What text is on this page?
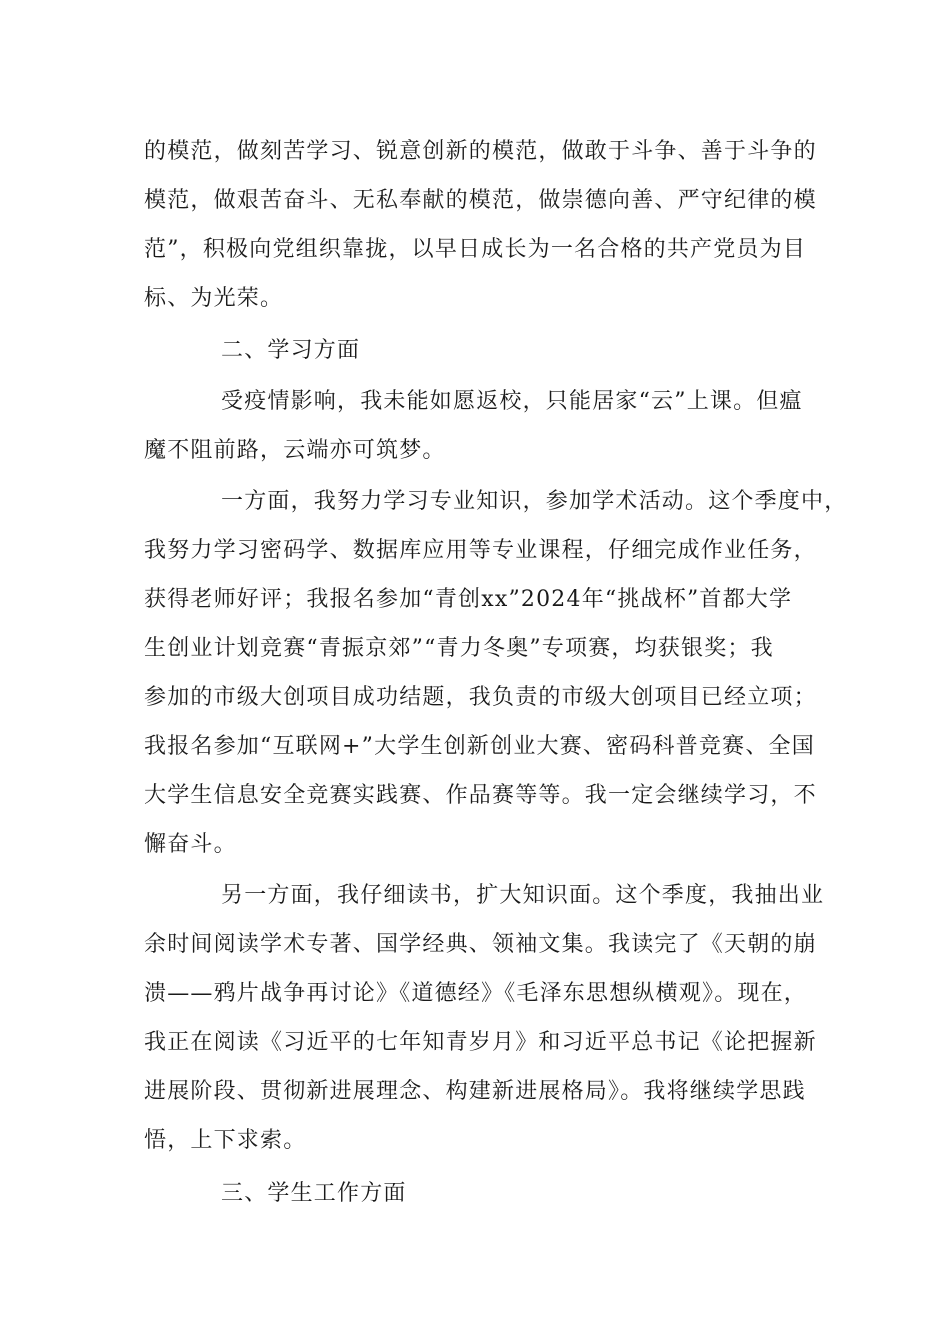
的模范，做刻苦学习、锐意创新的模范，做敢于斗争、善于斗争的
模范，做艰苦奋斗、无私奉献的模范，做崇德向善、严守纪律的模
范”，积极向党组织靠拢，以早日成长为一名合格的共产党员为目
标、为光荣。
二、学习方面
受疫情影响，我未能如愿返校，只能居家“云”上课。但瘟
魔不阻前路，云端亦可筑梦。
一方面，我努力学习专业知识，参加学术活动。这个季度中，
我努力学习密码学、数据库应用等专业课程，仔细完成作业任务，
获得老师好评；我报名参加“青创xx”2024年“挑战杯”首都大学
生创业计划竞赛“青振京郊”“青力冬奥”专项赛，均获银奖；我
参加的市级大创项目成功结题，我负责的市级大创项目已经立项；
我报名参加“互联网+”大学生创新创业大赛、密码科普竞赛、全国
大学生信息安全竞赛实践赛、作品赛等等。我一定会继续学习，不
懈奋斗。
另一方面，我仔细读书，扩大知识面。这个季度，我抽出业
余时间阅读学术专著、国学经典、领袖文集。我读完了《天朝的崩
溃——鸦片战争再讨论》《道德经》《毛泽东思想纵横观》。现在，
我正在阅读《习近平的七年知青岁月》和习近平总书记《论把握新
进展阶段、贯彻新进展理念、构建新进展格局》。我将继续学思践
悟，上下求索。
三、学生工作方面
